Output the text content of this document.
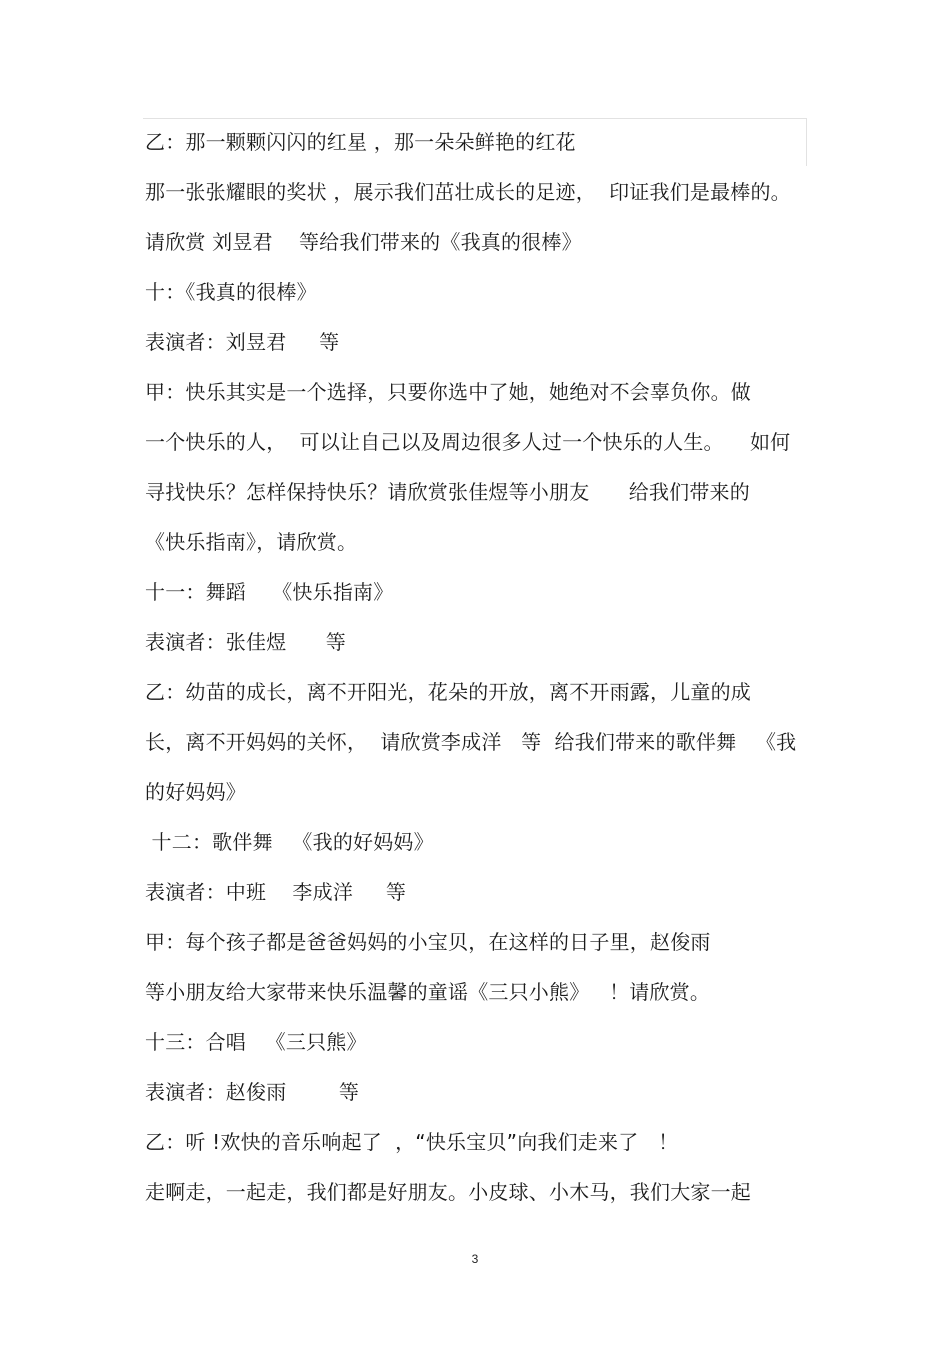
乙：那一颗颗闪闪的红星 ，那一朵朵鲜艳的红花
那一张张耀眼的奖状 ，展示我们茁壮成长的足迹，  印证我们是最棒的。
请欣赏 刘昱君    等给我们带来的《我真的很棒》
十：《我真的很棒》
表演者：刘昱君     等
甲：快乐其实是一个选择，只要你选中了她，她绝对不会辜负你。做
一个快乐的人，  可以让自己以及周边很多人过一个快乐的人生。    如何
寻找快乐？怎样保持快乐？请欣赏张佳煜等小朋友      给我们带来的
《快乐指南》，请欣赏。
十一：舞蹈    《快乐指南》
表演者：张佳煜      等
乙：幼苗的成长，离不开阳光，花朵的开放，离不开雨露，儿童的成
长，离不开妈妈的关怀，  请欣赏李成洋   等  给我们带来的歌伴舞   《我
的好妈妈》
十二：歌伴舞   《我的好妈妈》
表演者：中班    李成洋     等
甲：每个孩子都是爸爸妈妈的小宝贝，在这样的日子里，赵俊雨
等小朋友给大家带来快乐温馨的童谣《三只小熊》   ！请欣赏。
十三：合唱   《三只熊》
表演者：赵俊雨        等
乙：听 !欢快的音乐响起了  ，“快乐宝贝”向我们走来了   ！
走啊走，一起走，我们都是好朋友。小皮球、小木马，我们大家一起
3
